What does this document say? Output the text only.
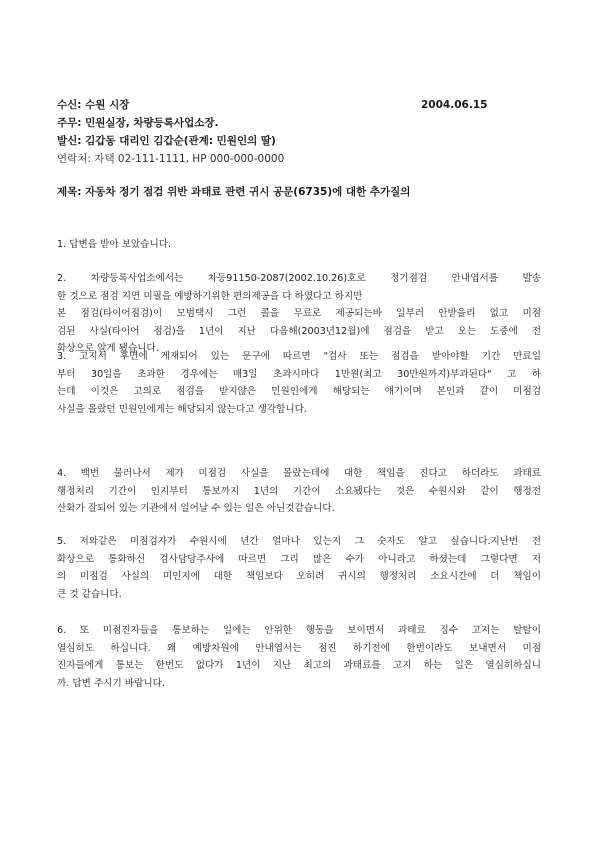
수신: 수원 시장	2004.06.15
주무: 민원실장, 차량등록사업소장.
발신: 김갑동 대리인 김갑순(관계: 민원인의 딸)
연락처: 자택 02-111-1111, HP 000-000-0000
제목: 자동차 정기 점검 위반 과태료 관련 귀시 공문(6735)에 대한 추가질의
1. 답변을 받아 보았습니다.
2. 차량등록사업소에서는 차등91150-2087(2002.10.26)호로 정기점검 안내엽서를 발송
한 것으로 점검 지연 미필을 예방하기위한 편의제공을 다 하였다고 하지만
본 점검(타이어점검)이 모범택시 그런 콜을 무료로 제공되는바 일부러 안받을리 없고 미점
검된 사실(타이어 점검)을 1년이 지난 다음해(2003년12월)에 점검을 받고 오는 도중에 전
화상으로 알게 됐습니다.
3. 고지서 후면에 게재되어 있는 문구에 따르면 "검사 또는 점검을 받아야할 기간 만료일
부터 30일을 초과한 경우에는 매3일 초과시마다 1만원(최고 30만원까지)부과된다" 고 하
는데 이것은 고의로 점검을 받지않은 민원인에게 해당되는 얘기이며 본인과 같이 미점검
사실을 몰랐던 민원인에게는 해당되지 않는다고 생각합니다.
4. 백번 물러나서 제가 미점검 사실을 몰랐는데에 대한 책임을 진다고 하더라도 과태료
행정처리 기간이 인지부터 통보까지 1년의 기간이 소요됐다는 것은 수원시와 같이 행정전
산화가 잘되어 있는 기관에서 일어날 수 있는 일은 아닌것같습니다.
5. 저와같은 미점검자가 수원시에 년간 얼마나 있는지 그 숫자도 알고 싶습니다.지난번 전
화상으로 통화하신 검사담당주사에 따르면 그리 많은 수가 아니라고 하셨는데 그렇다면 저
의 미점검 사실의 미인지에 대한 책임보다 오히려 귀시의 행정처리 소요시간에 더 책임이
큰 것 같습니다.
6. 또 미점진자들을 통보하는 일에는 안위한 행동을 보이면서 과태료 징수 고지는 탈탈이
열심히도 하십니다. 왜 예방차원에 안내엽서는 점진 하기전에 한번이라도 보내면서 미점
진자들에게 통보는 한번도 없다가 1년이 지난 최고의 과태료를 고지 하는 일은 열심히하십니
까. 답변 주시기 바랍니다.
